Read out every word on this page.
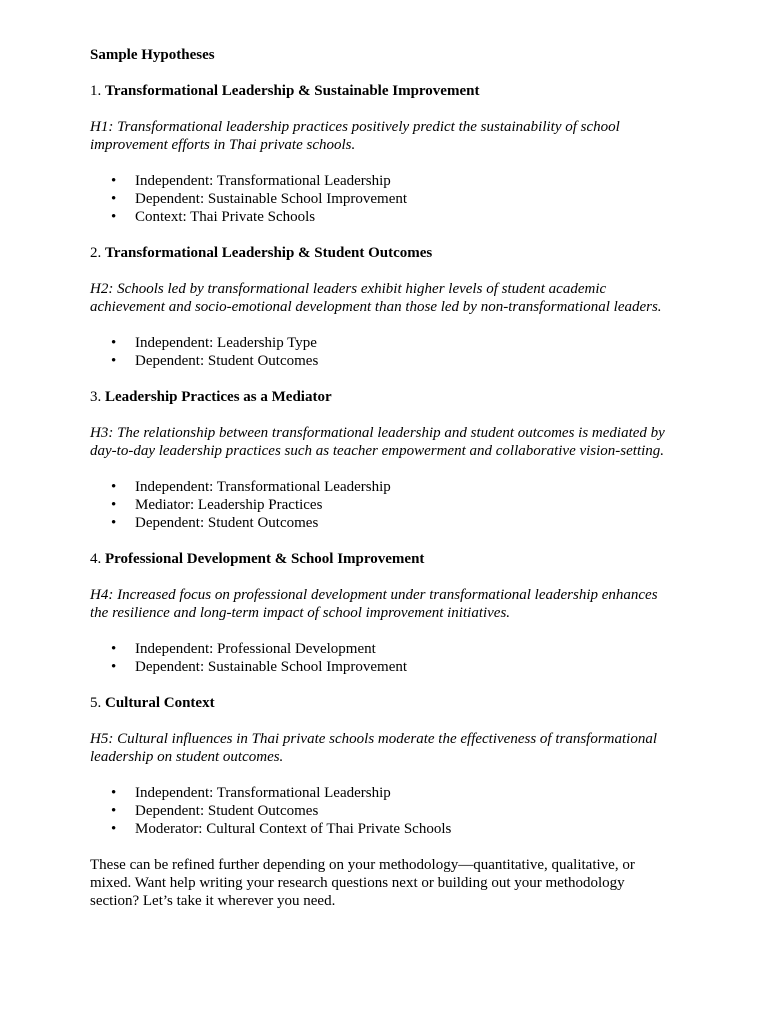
Sample Hypotheses

1. Transformational Leadership & Sustainable Improvement

H1: Transformational leadership practices positively predict the sustainability of school improvement efforts in Thai private schools.

• Independent: Transformational Leadership
• Dependent: Sustainable School Improvement
• Context: Thai Private Schools

2. Transformational Leadership & Student Outcomes

H2: Schools led by transformational leaders exhibit higher levels of student academic achievement and socio-emotional development than those led by non-transformational leaders.

• Independent: Leadership Type
• Dependent: Student Outcomes

3. Leadership Practices as a Mediator

H3: The relationship between transformational leadership and student outcomes is mediated by day-to-day leadership practices such as teacher empowerment and collaborative vision-setting.

• Independent: Transformational Leadership
• Mediator: Leadership Practices
• Dependent: Student Outcomes

4. Professional Development & School Improvement

H4: Increased focus on professional development under transformational leadership enhances the resilience and long-term impact of school improvement initiatives.

• Independent: Professional Development
• Dependent: Sustainable School Improvement

5. Cultural Context

H5: Cultural influences in Thai private schools moderate the effectiveness of transformational leadership on student outcomes.

• Independent: Transformational Leadership
• Dependent: Student Outcomes
• Moderator: Cultural Context of Thai Private Schools

These can be refined further depending on your methodology—quantitative, qualitative, or mixed. Want help writing your research questions next or building out your methodology section? Let’s take it wherever you need.
